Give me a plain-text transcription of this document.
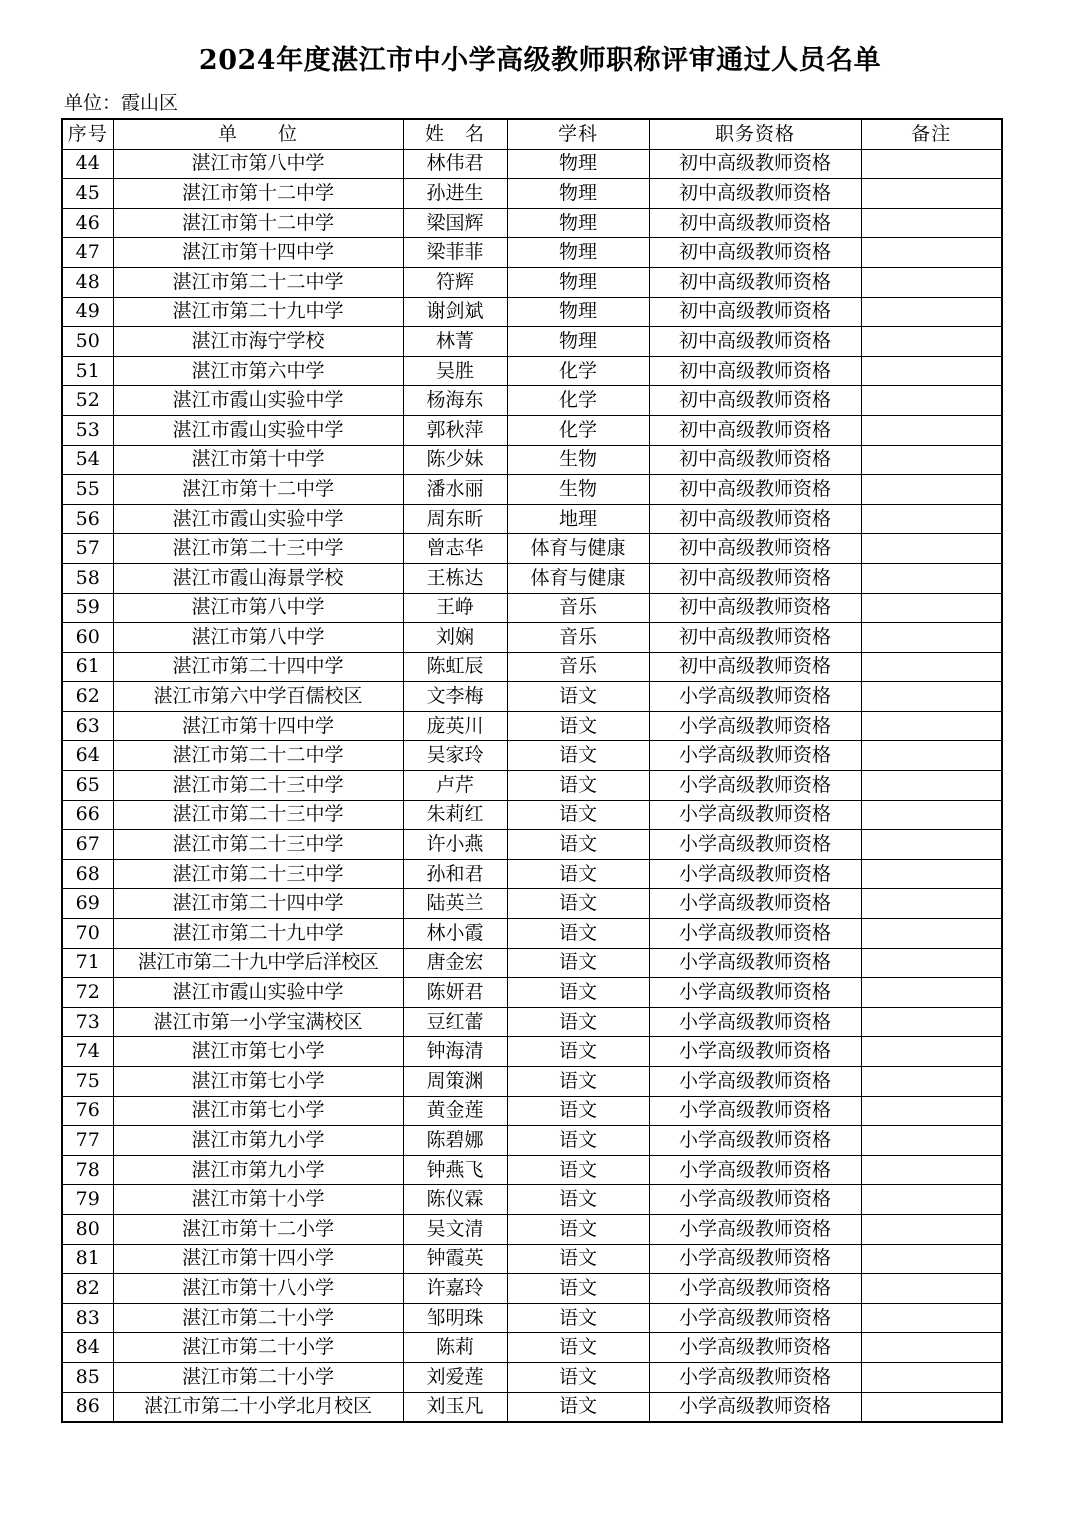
2024年度湛江市中小学高级教师职称评审通过人员名单
单位：霞山区
序号	单　　位	姓　名	学科	职务资格	备注
44	湛江市第八中学	林伟君	物理	初中高级教师资格	
45	湛江市第十二中学	孙进生	物理	初中高级教师资格	
46	湛江市第十二中学	梁国辉	物理	初中高级教师资格	
47	湛江市第十四中学	梁菲菲	物理	初中高级教师资格	
48	湛江市第二十二中学	符辉	物理	初中高级教师资格	
49	湛江市第二十九中学	谢剑斌	物理	初中高级教师资格	
50	湛江市海宁学校	林菁	物理	初中高级教师资格	
51	湛江市第六中学	吴胜	化学	初中高级教师资格	
52	湛江市霞山实验中学	杨海东	化学	初中高级教师资格	
53	湛江市霞山实验中学	郭秋萍	化学	初中高级教师资格	
54	湛江市第十中学	陈少妹	生物	初中高级教师资格	
55	湛江市第十二中学	潘水丽	生物	初中高级教师资格	
56	湛江市霞山实验中学	周东昕	地理	初中高级教师资格	
57	湛江市第二十三中学	曾志华	体育与健康	初中高级教师资格	
58	湛江市霞山海景学校	王栋达	体育与健康	初中高级教师资格	
59	湛江市第八中学	王峥	音乐	初中高级教师资格	
60	湛江市第八中学	刘娴	音乐	初中高级教师资格	
61	湛江市第二十四中学	陈虹辰	音乐	初中高级教师资格	
62	湛江市第六中学百儒校区	文李梅	语文	小学高级教师资格	
63	湛江市第十四中学	庞英川	语文	小学高级教师资格	
64	湛江市第二十二中学	吴家玲	语文	小学高级教师资格	
65	湛江市第二十三中学	卢芹	语文	小学高级教师资格	
66	湛江市第二十三中学	朱莉红	语文	小学高级教师资格	
67	湛江市第二十三中学	许小燕	语文	小学高级教师资格	
68	湛江市第二十三中学	孙和君	语文	小学高级教师资格	
69	湛江市第二十四中学	陆英兰	语文	小学高级教师资格	
70	湛江市第二十九中学	林小霞	语文	小学高级教师资格	
71	湛江市第二十九中学后洋校区	唐金宏	语文	小学高级教师资格	
72	湛江市霞山实验中学	陈妍君	语文	小学高级教师资格	
73	湛江市第一小学宝满校区	豆红蕾	语文	小学高级教师资格	
74	湛江市第七小学	钟海清	语文	小学高级教师资格	
75	湛江市第七小学	周策渊	语文	小学高级教师资格	
76	湛江市第七小学	黄金莲	语文	小学高级教师资格	
77	湛江市第九小学	陈碧娜	语文	小学高级教师资格	
78	湛江市第九小学	钟燕飞	语文	小学高级教师资格	
79	湛江市第十小学	陈仪霖	语文	小学高级教师资格	
80	湛江市第十二小学	吴文清	语文	小学高级教师资格	
81	湛江市第十四小学	钟霞英	语文	小学高级教师资格	
82	湛江市第十八小学	许嘉玲	语文	小学高级教师资格	
83	湛江市第二十小学	邹明珠	语文	小学高级教师资格	
84	湛江市第二十小学	陈莉	语文	小学高级教师资格	
85	湛江市第二十小学	刘爱莲	语文	小学高级教师资格	
86	湛江市第二十小学北月校区	刘玉凡	语文	小学高级教师资格	
